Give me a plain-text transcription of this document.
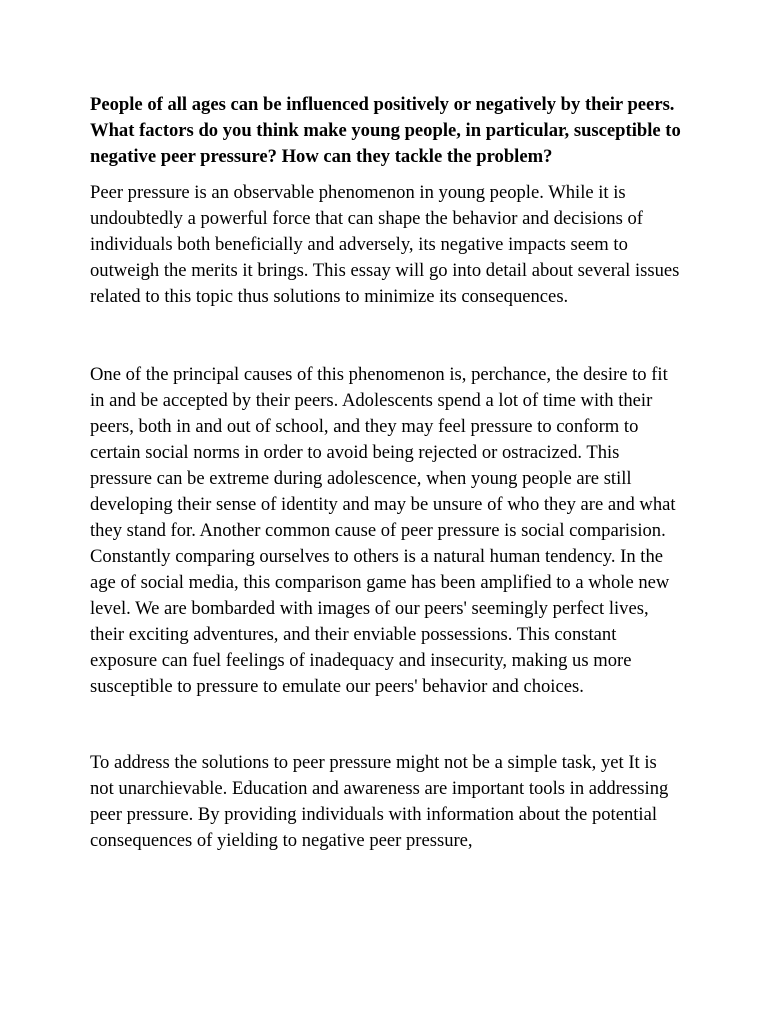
People of all ages can be influenced positively or negatively by their peers. What factors do you think make young people, in particular, susceptible to negative peer pressure? How can they tackle the problem?

Peer pressure is an observable phenomenon in young people. While it is undoubtedly a powerful force that can shape the behavior and decisions of individuals both beneficially and adversely, its negative impacts seem to outweigh the merits it brings. This essay will go into detail about several issues related to this topic thus solutions to minimize its consequences.

One of the principal causes of this phenomenon is, perchance, the desire to fit in and be accepted by their peers. Adolescents spend a lot of time with their peers, both in and out of school, and they may feel pressure to conform to certain social norms in order to avoid being rejected or ostracized. This pressure can be extreme during adolescence, when young people are still developing their sense of identity and may be unsure of who they are and what they stand for. Another common cause of peer pressure is social comparision. Constantly comparing ourselves to others is a natural human tendency. In the age of social media, this comparison game has been amplified to a whole new level. We are bombarded with images of our peers' seemingly perfect lives, their exciting adventures, and their enviable possessions. This constant exposure can fuel feelings of inadequacy and insecurity, making us more susceptible to pressure to emulate our peers' behavior and choices.

To address the solutions to peer pressure might not be a simple task, yet It is not unarchievable. Education and awareness are important tools in addressing peer pressure. By providing individuals with information about the potential consequences of yielding to negative peer pressure,
